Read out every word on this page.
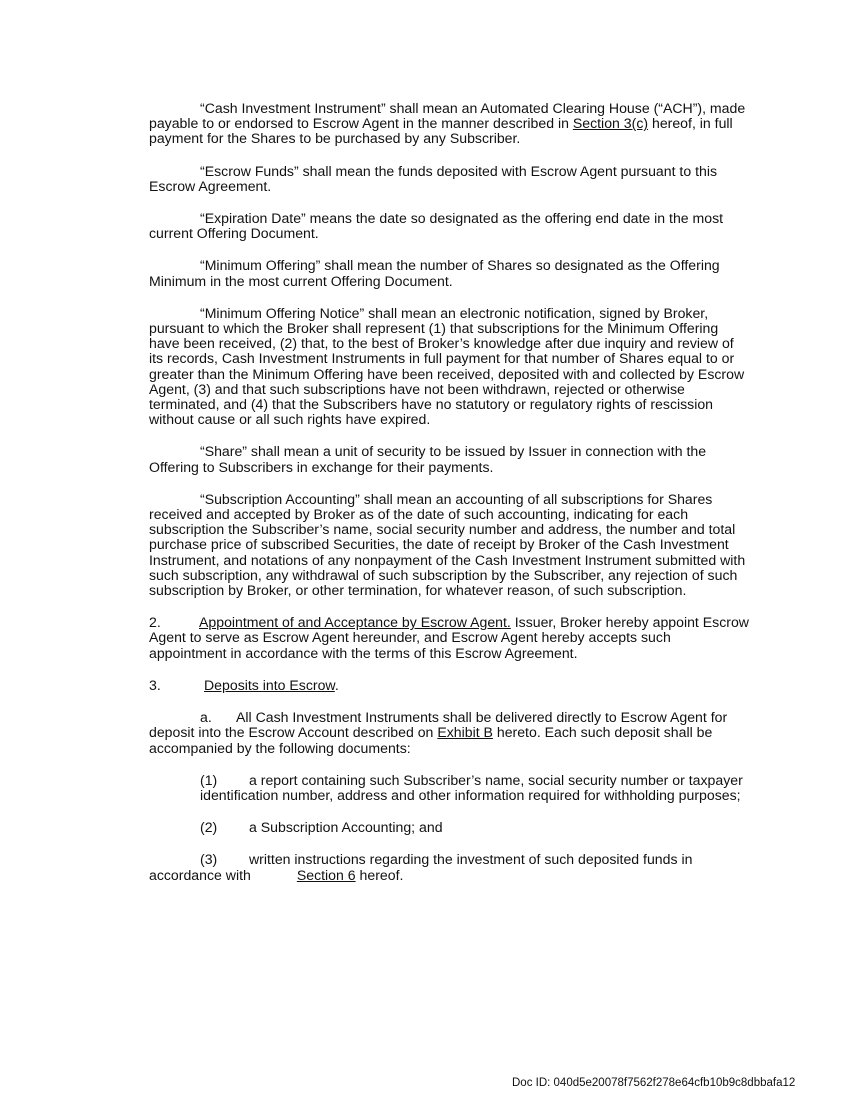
“Cash Investment Instrument” shall mean an Automated Clearing House (“ACH”), made payable to or endorsed to Escrow Agent in the manner described in Section 3(c) hereof, in full payment for the Shares to be purchased by any Subscriber.

“Escrow Funds” shall mean the funds deposited with Escrow Agent pursuant to this Escrow Agreement.

“Expiration Date” means the date so designated as the offering end date in the most current Offering Document.

“Minimum Offering” shall mean the number of Shares so designated as the Offering Minimum in the most current Offering Document.

“Minimum Offering Notice” shall mean an electronic notification, signed by Broker, pursuant to which the Broker shall represent (1) that subscriptions for the Minimum Offering have been received, (2) that, to the best of Broker’s knowledge after due inquiry and review of its records, Cash Investment Instruments in full payment for that number of Shares equal to or greater than the Minimum Offering have been received, deposited with and collected by Escrow Agent, (3) and that such subscriptions have not been withdrawn, rejected or otherwise terminated, and (4) that the Subscribers have no statutory or regulatory rights of rescission without cause or all such rights have expired.

“Share” shall mean a unit of security to be issued by Issuer in connection with the Offering to Subscribers in exchange for their payments.

“Subscription Accounting” shall mean an accounting of all subscriptions for Shares received and accepted by Broker as of the date of such accounting, indicating for each subscription the Subscriber’s name, social security number and address, the number and total purchase price of subscribed Securities, the date of receipt by Broker of the Cash Investment Instrument, and notations of any nonpayment of the Cash Investment Instrument submitted with such subscription, any withdrawal of such subscription by the Subscriber, any rejection of such subscription by Broker, or other termination, for whatever reason, of such subscription.

2.	Appointment of and Acceptance by Escrow Agent. Issuer, Broker hereby appoint Escrow Agent to serve as Escrow Agent hereunder, and Escrow Agent hereby accepts such appointment in accordance with the terms of this Escrow Agreement.

3.	Deposits into Escrow.

a. All Cash Investment Instruments shall be delivered directly to Escrow Agent for deposit into the Escrow Account described on Exhibit B hereto. Each such deposit shall be accompanied by the following documents:

(1) a report containing such Subscriber’s name, social security number or taxpayer identification number, address and other information required for withholding purposes;

(2) a Subscription Accounting; and

(3) written instructions regarding the investment of such deposited funds in accordance with	Section 6 hereof.

Doc ID: 040d5e20078f7562f278e64cfb10b9c8dbbafa12
